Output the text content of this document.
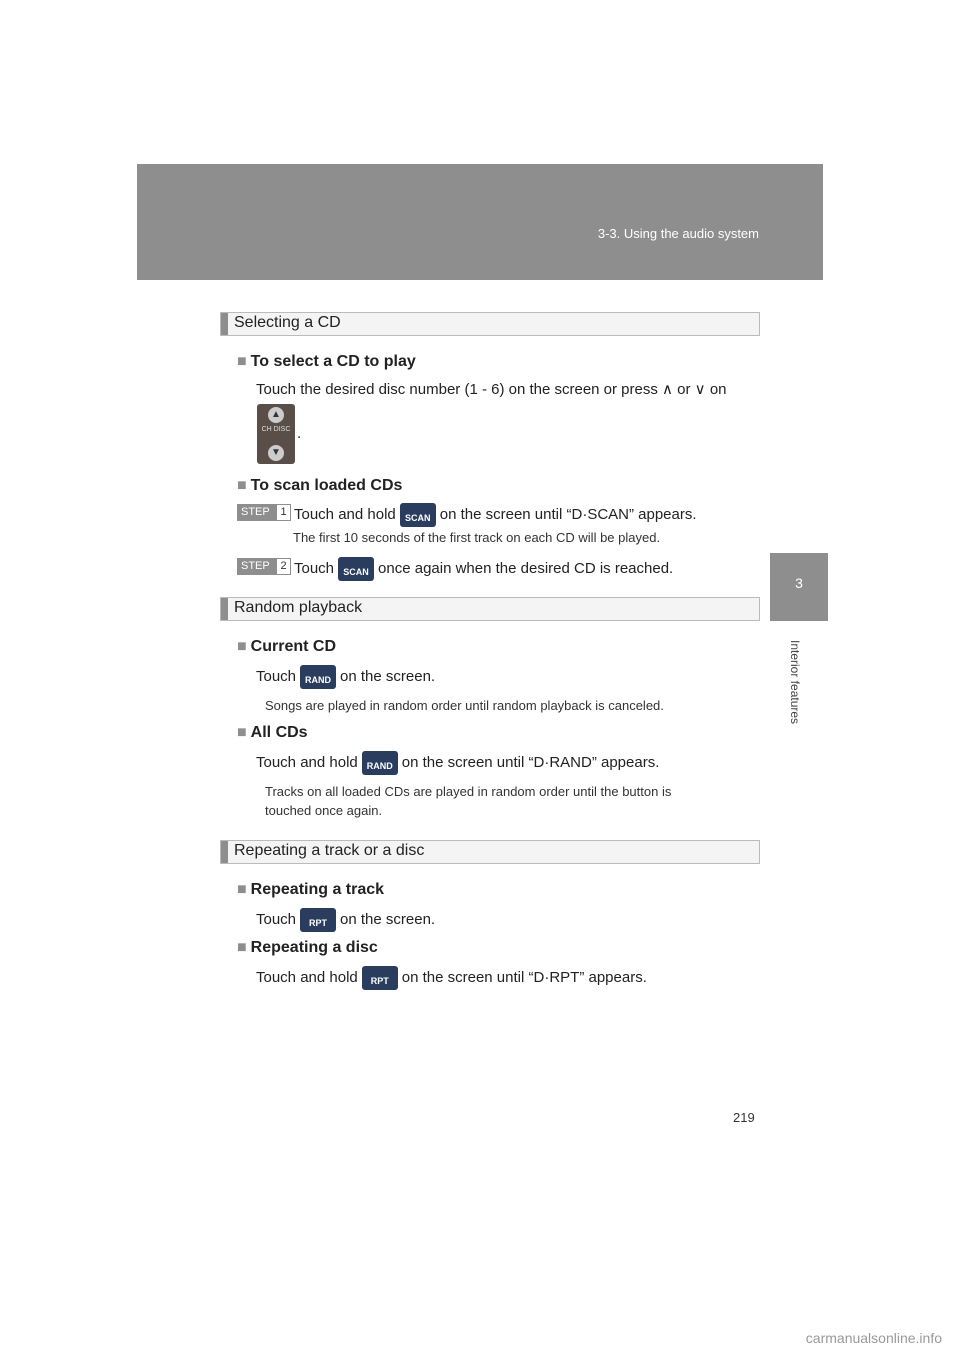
3-3. Using the audio system
3
Interior features
Selecting a CD
■ To select a CD to play
Touch the desired disc number (1 - 6) on the screen or press ∧ or ∨ on
▲
CH DISC
▼
.
■ To scan loaded CDs
STEP 1 Touch and hold SCAN on the screen until “D·SCAN” appears.
The first 10 seconds of the first track on each CD will be played.
STEP 2 Touch SCAN once again when the desired CD is reached.
Random playback
■ Current CD
Touch RAND on the screen.
Songs are played in random order until random playback is canceled.
■ All CDs
Touch and hold RAND on the screen until “D·RAND” appears.
Tracks on all loaded CDs are played in random order until the button is
touched once again.
Repeating a track or a disc
■ Repeating a track
Touch RPT on the screen.
■ Repeating a disc
Touch and hold RPT on the screen until “D·RPT” appears.
219
carmanualsonline.info
